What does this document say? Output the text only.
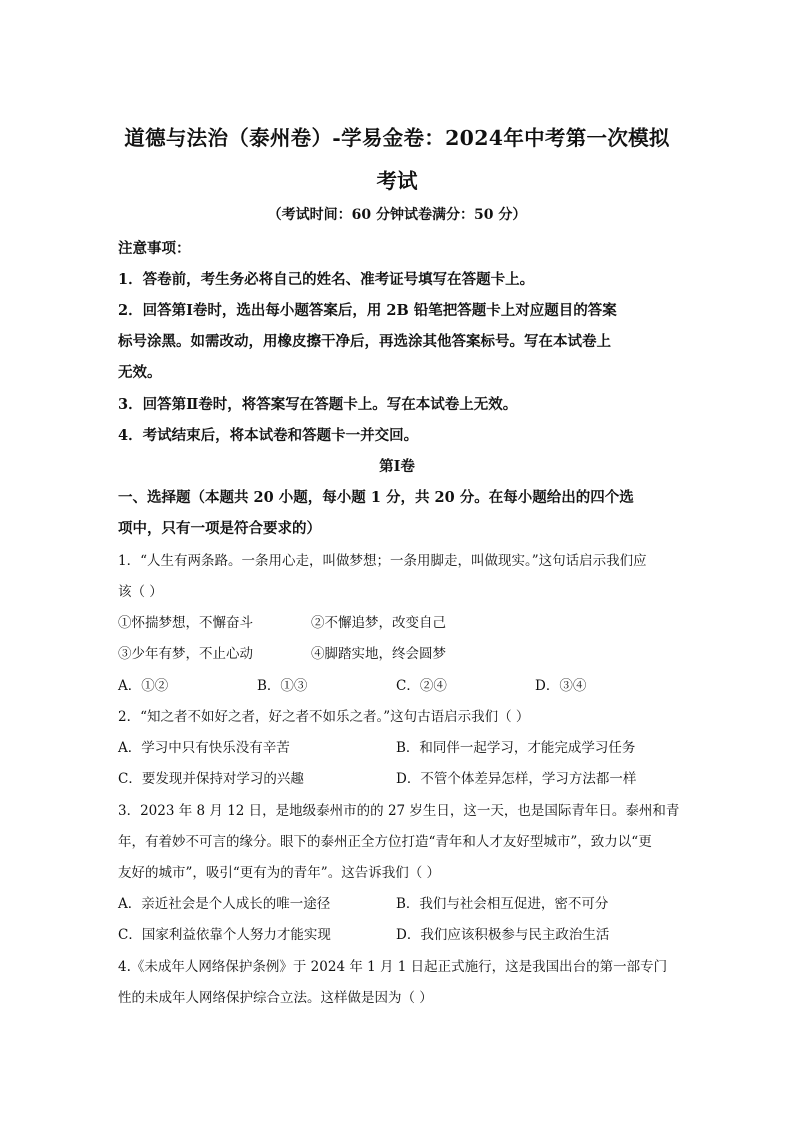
道德与法治（泰州卷）-学易金卷：2024年中考第一次模拟
考试
（考试时间：60 分钟试卷满分：50 分）
注意事项：
1．答卷前，考生务必将自己的姓名、准考证号填写在答题卡上。
2．回答第Ⅰ卷时，选出每小题答案后，用 2B 铅笔把答题卡上对应题目的答案
标号涂黑。如需改动，用橡皮擦干净后，再选涂其他答案标号。写在本试卷上
无效。
3．回答第Ⅱ卷时，将答案写在答题卡上。写在本试卷上无效。
4．考试结束后，将本试卷和答题卡一并交回。
第Ⅰ卷
一、选择题（本题共 20 小题，每小题 1 分，共 20 分。在每小题给出的四个选
项中，只有一项是符合要求的）
1．“人生有两条路。一条用心走，叫做梦想；一条用脚走，叫做现实。”这句话启示我们应
该（ ）
①怀揣梦想，不懈奋斗	②不懈追梦，改变自己
③少年有梦，不止心动	④脚踏实地，终会圆梦
A．①②	B．①③	C．②④	D．③④
2．“知之者不如好之者，好之者不如乐之者。”这句古语启示我们（ ）
A．学习中只有快乐没有辛苦	B．和同伴一起学习，才能完成学习任务
C．要发现并保持对学习的兴趣	D．不管个体差异怎样，学习方法都一样
3．2023 年 8 月 12 日，是地级泰州市的的 27 岁生日，这一天，也是国际青年日。泰州和青
年，有着妙不可言的缘分。眼下的泰州正全方位打造“青年和人才友好型城市”，致力以“更
友好的城市”，吸引“更有为的青年”。这告诉我们（ ）
A．亲近社会是个人成长的唯一途径	B．我们与社会相互促进，密不可分
C．国家利益依靠个人努力才能实现	D．我们应该积极参与民主政治生活
4.《未成年人网络保护条例》于 2024 年 1 月 1 日起正式施行，这是我国出台的第一部专门
性的未成年人网络保护综合立法。这样做是因为（ ）
